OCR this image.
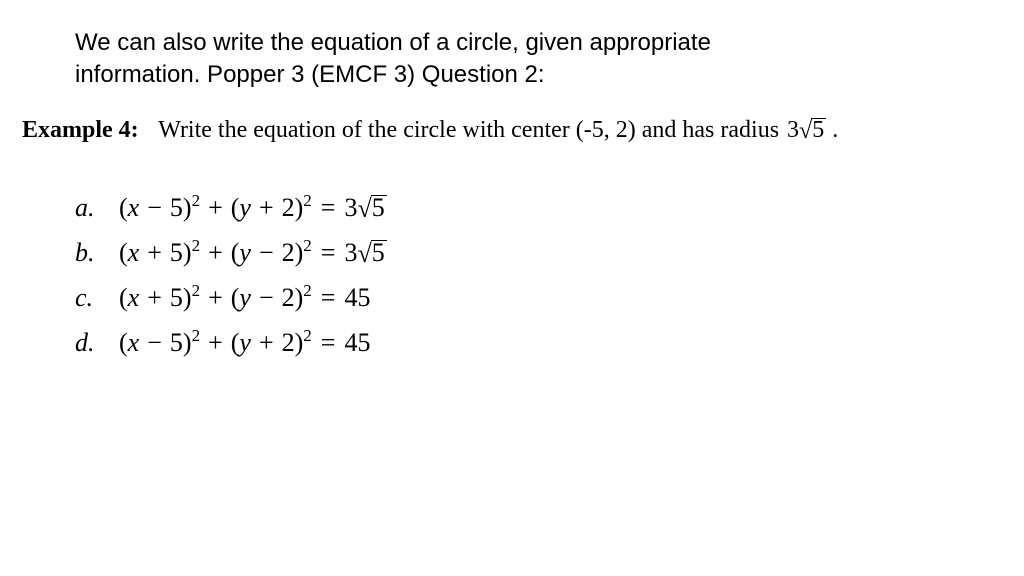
We can also write the equation of a circle, given appropriate
information. Popper 3 (EMCF 3) Question 2:
Example 4: Write the equation of the circle with center (-5, 2) and has radius 3√5 .
a. $(x - 5)^2 + (y + 2)^2 = 3√5$
b. $(x + 5)^2 + (y - 2)^2 = 3√5$
c. $(x + 5)^2 + (y - 2)^2 = 45$
d. $(x - 5)^2 + (y + 2)^2 = 45$
